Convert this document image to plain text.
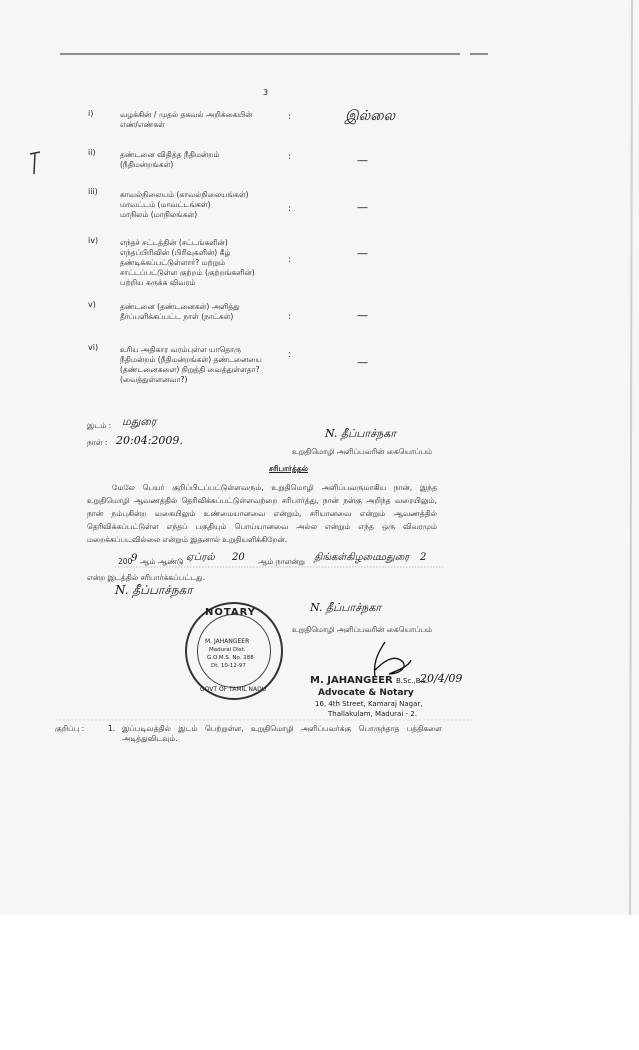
3
i)	வழக்கின் / முதல் தகவல் அறிக்கையின்
எண்/எண்கள்
:	இல்லை
ii)	தண்டனை விதித்த நீதிமன்றம்
(நீதிமன்றங்கள்)
:	—
iii)	காவல்நிலையம் (காவல்நிலையங்கள்)
மாவட்டம் (மாவட்டங்கள்)
மாநிலம் (மாநிலங்கள்)
:	—
iv)	எந்தச் சட்டத்தின் (சட்டங்களின்)
எந்தப்பிரிவின் (பிரிவுகளின்) கீழ்
தண்டிக்கப்பட்டுள்ளார்? மற்றும்
சாட்டப்பட்டுள்ள குற்றம் (குற்றங்களின்)
பற்றிய சுருக்க விவரம்
:	—
v)	தண்டனை (தண்டனைகள்) அளித்து
தீர்ப்பளிக்கப்பட்ட நாள் (நாட்கள்)	:	—
vi)	உரிய அதிகார வரம்புள்ள யாதொரு
நீதிமன்றம் (நீதிமன்றங்கள்) தண்டனையை
(தண்டனைகளை) நிறுத்தி வைத்துள்ளதா?
(வைத்துள்ளனவா?)
:
—
இடம் : மதுரை
நாள் : 20:04:2009.
N. தீப்பாச்நகா
உறுதிமொழி அளிப்பவரின் கையொப்பம்
சரிபார்த்தல்
மேலே பெயர் குறிப்பிடப்பட்டுள்ளவரும், உறுதிமொழி அளிப்பவருமாகிய நான், இந்த உறுதிமொழி ஆவணத்தில் தெரிவிக்கப்பட்டுள்ளவற்றை சரிபார்த்து, நான் நன்கு அறிந்த வரையிலும், நான் நம்புகின்ற வகையிலும் உண்மையானவை என்றும், சரியானவை என்றும் ஆவணத்தில் தெரிவிக்கப்பட்டுள்ள எந்தப் பகுதியும் பொய்யானவை அல்ல என்றும் எந்த ஒரு விவரமும் மறைக்கப்படவில்லை என்றும் இதனால் உறுதியளிக்கிறேன்.
200
9 ஆம் ஆண்டு ஏப்ரல் 20 ஆம் நாளன்று திங்கள்கிழமை
மதுரை 2
என்ற இடத்தில் சரிபார்க்கப்பட்டது.
N. தீப்பாச்நகா
NOTARY
M. JAHANGEER
Madurai Dist.
G.O.M.S. No. 288
Dt. 10-12-97
GOVT OF TAMIL NADU
N. தீப்பாச்நகா
உறுதிமொழி அளிப்பவரின் கையொப்பம்
M. JAHANGEER B.Sc.,B.L.
20/4/09
Advocate & Notary
16, 4th Street, Kamaraj Nagar,
Thallakulam, Madurai - 2.
குறிப்பு :	1. இப்படிவத்தில் இடம் பெற்றுள்ள, உறுதிமொழி அளிப்பவர்க்கு பொருந்தாத பத்திகளை அடித்துவிடவும்.
